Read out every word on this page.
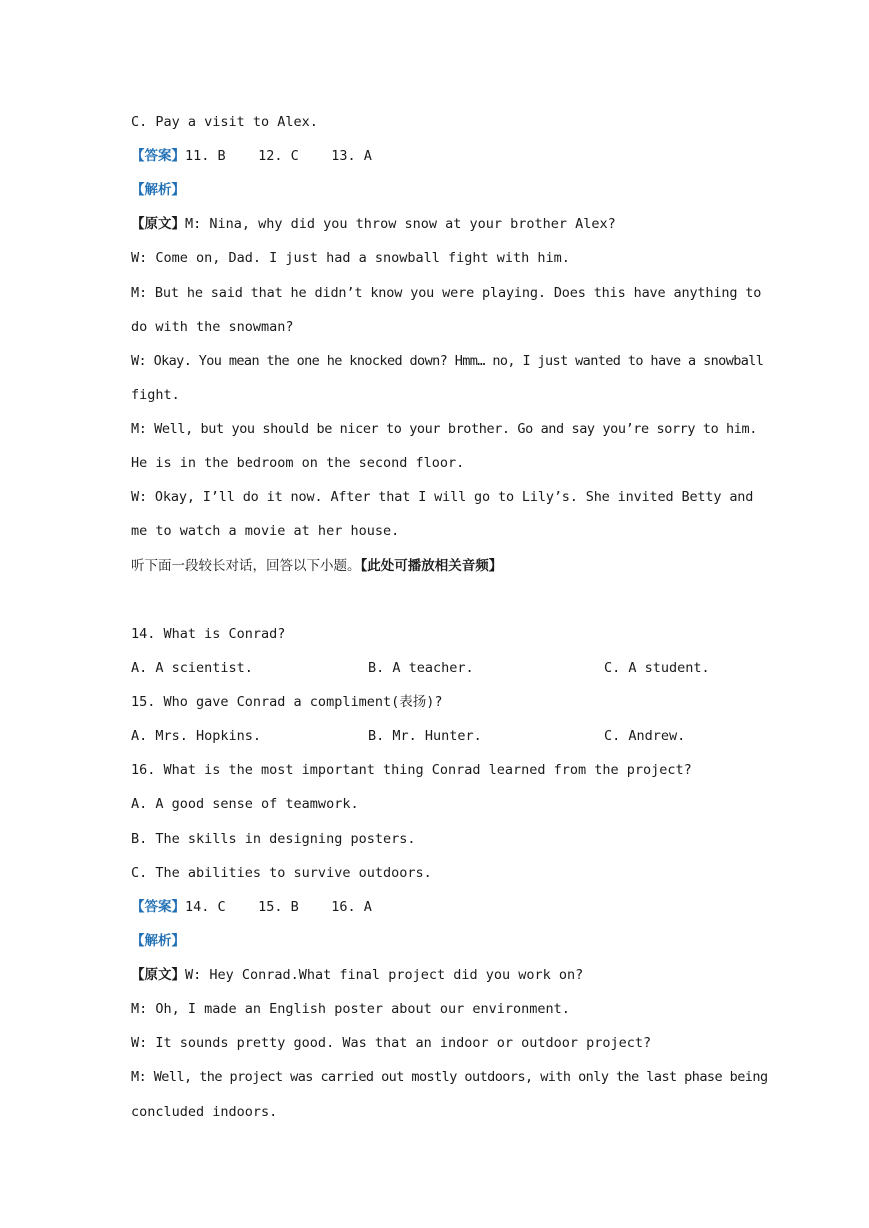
C. Pay a visit to Alex.
【答案】11. B    12. C    13. A
【解析】
【原文】M: Nina, why did you throw snow at your brother Alex?
W: Come on, Dad. I just had a snowball fight with him.
M: But he said that he didn’t know you were playing. Does this have anything to
do with the snowman?
W: Okay. You mean the one he knocked down? Hmm… no, I just wanted to have a snowball
fight.
M: Well, but you should be nicer to your brother. Go and say you’re sorry to him.
He is in the bedroom on the second floor.
W: Okay, I’ll do it now. After that I will go to Lily’s. She invited Betty and
me to watch a movie at her house.
听下面一段较长对话，回答以下小题。【此处可播放相关音频】
14. What is Conrad?
A. A scientist.	B. A teacher.	C. A student.
15. Who gave Conrad a compliment(表扬)?
A. Mrs. Hopkins.	B. Mr. Hunter.	C. Andrew.
16. What is the most important thing Conrad learned from the project?
A. A good sense of teamwork.
B. The skills in designing posters.
C. The abilities to survive outdoors.
【答案】14. C    15. B    16. A
【解析】
【原文】W: Hey Conrad.What final project did you work on?
M: Oh, I made an English poster about our environment.
W: It sounds pretty good. Was that an indoor or outdoor project?
M: Well, the project was carried out mostly outdoors, with only the last phase being
concluded indoors.
